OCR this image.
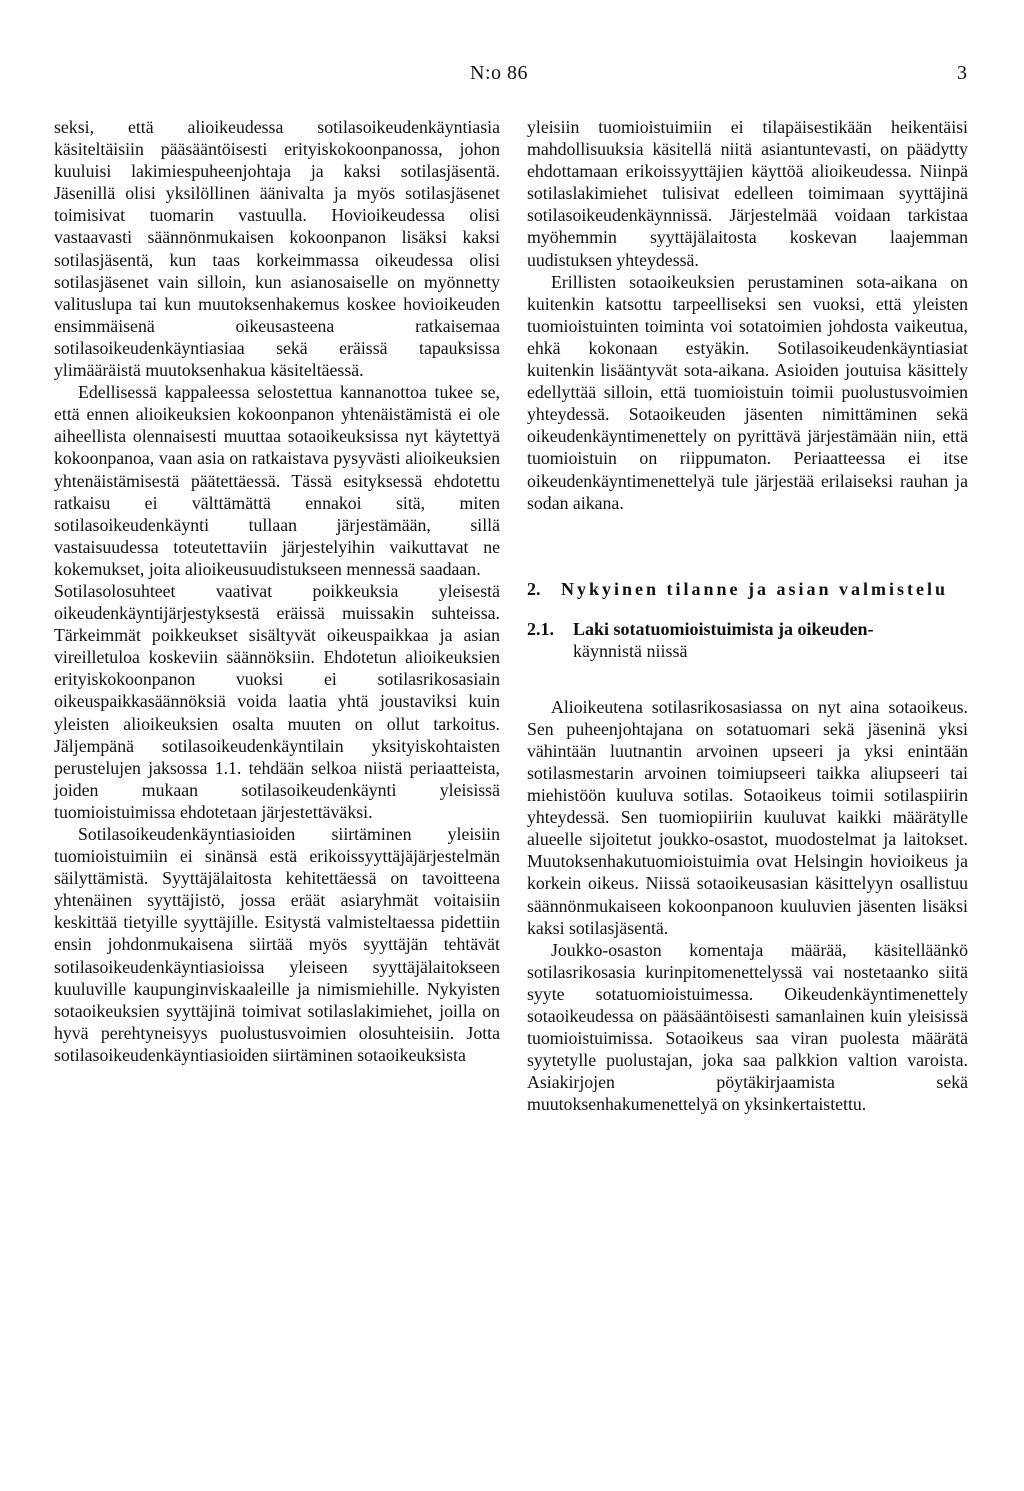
N:o 86	3

seksi, että alioikeudessa sotilasoikeudenkäyntiasia käsiteltäisiin pääsääntöisesti erityiskokoonpanossa, johon kuuluisi lakimiespuheenjohtaja ja kaksi sotilasjäsentä. Jäsenillä olisi yksilöllinen äänivalta ja myös sotilasjäsenet toimisivat tuomarin vastuulla. Hovioikeudessa olisi vastaavasti säännönmukaisen kokoonpanon lisäksi kaksi sotilasjäsentä, kun taas korkeimmassa oikeudessa olisi sotilasjäsenet vain silloin, kun asianosaiselle on myönnetty valituslupa tai kun muutoksenhakemus koskee hovioikeuden ensimmäisenä oikeusasteena ratkaisemaa sotilasoikeudenkäyntiasiaa sekä eräissä tapauksissa ylimääräistä muutoksenhakua käsiteltäessä.

Edellisessä kappaleessa selostettua kannanottoa tukee se, että ennen alioikeuksien kokoonpanon yhtenäistämistä ei ole aiheellista olennaisesti muuttaa sotaoikeuksissa nyt käytettyä kokoonpanoa, vaan asia on ratkaistava pysyvästi alioikeuksien yhtenäistämisestä päätettäessä. Tässä esityksessä ehdotettu ratkaisu ei välttämättä ennakoi sitä, miten sotilasoikeudenkäynti tullaan järjestämään, sillä vastaisuudessa toteutettaviin järjestelyihin vaikuttavat ne kokemukset, joita alioikeusuudistukseen mennessä saadaan.

Sotilasolosuhteet vaativat poikkeuksia yleisestä oikeudenkäyntijärjestyksestä eräissä muissakin suhteissa. Tärkeimmät poikkeukset sisältyvät oikeuspaikkaa ja asian vireilletuloa koskeviin säännöksiin. Ehdotetun alioikeuksien erityiskokoonpanon vuoksi ei sotilasrikosasiain oikeuspaikkasäännöksiä voida laatia yhtä joustaviksi kuin yleisten alioikeuksien osalta muuten on ollut tarkoitus. Jäljempänä sotilasoikeudenkäyntilain yksityiskohtaisten perustelujen jaksossa 1.1. tehdään selkoa niistä periaatteista, joiden mukaan sotilasoikeudenkäynti yleisissä tuomioistuimissa ehdotetaan järjestettäväksi.

Sotilasoikeudenkäyntiasioiden siirtäminen yleisiin tuomioistuimiin ei sinänsä estä erikoissyyttäjäjärjestelmän säilyttämistä. Syyttäjälaitosta kehitettäessä on tavoitteena yhtenäinen syyttäjistö, jossa eräät asiaryhmät voitaisiin keskittää tietyille syyttäjille. Esitystä valmisteltaessa pidettiin ensin johdonmukaisena siirtää myös syyttäjän tehtävät sotilasoikeudenkäyntiasioissa yleiseen syyttäjälaitokseen kuuluville kaupunginviskaaleille ja nimismiehille. Nykyisten sotaoikeuksien syyttäjinä toimivat sotilaslakimiehet, joilla on hyvä perehtyneisyys puolustusvoimien olosuhteisiin. Jotta sotilasoikeudenkäyntiasioiden siirtäminen sotaoikeuksista

yleisiin tuomioistuimiin ei tilapäisestikään heikentäisi mahdollisuuksia käsitellä niitä asiantuntevasti, on päädytty ehdottamaan erikoissyyttäjien käyttöä alioikeudessa. Niinpä sotilaslakimiehet tulisivat edelleen toimimaan syyttäjinä sotilasoikeudenkäynnissä. Järjestelmää voidaan tarkistaa myöhemmin syyttäjälaitosta koskevan laajemman uudistuksen yhteydessä.

Erillisten sotaoikeuksien perustaminen sota-aikana on kuitenkin katsottu tarpeelliseksi sen vuoksi, että yleisten tuomioistuinten toiminta voi sotatoimien johdosta vaikeutua, ehkä kokonaan estyäkin. Sotilasoikeudenkäyntiasiat kuitenkin lisääntyvät sota-aikana. Asioiden joutuisa käsittely edellyttää silloin, että tuomioistuin toimii puolustusvoimien yhteydessä. Sotaoikeuden jäsenten nimittäminen sekä oikeudenkäyntimenettely on pyrittävä järjestämään niin, että tuomioistuin on riippumaton. Periaatteessa ei itse oikeudenkäyntimenettelyä tule järjestää erilaiseksi rauhan ja sodan aikana.

2.	Nykyinen tilanne ja asian valmistelu
2.1.	Laki sotatuomioistuimista ja oikeuden-
käynnistä niissä

Alioikeutena sotilasrikosasiassa on nyt aina sotaoikeus. Sen puheenjohtajana on sotatuomari sekä jäseninä yksi vähintään luutnantin arvoinen upseeri ja yksi enintään sotilasmestarin arvoinen toimiupseeri taikka aliupseeri tai miehistöön kuuluva sotilas. Sotaoikeus toimii sotilaspiirin yhteydessä. Sen tuomiopiiriin kuuluvat kaikki määrätylle alueelle sijoitetut joukko-osastot, muodostelmat ja laitokset. Muutoksenhakutuomioistuimia ovat Helsingin hovioikeus ja korkein oikeus. Niissä sotaoikeusasian käsittelyyn osallistuu säännönmukaiseen kokoonpanoon kuuluvien jäsenten lisäksi kaksi sotilasjäsentä.

Joukko-osaston komentaja määrää, käsitelläänkö sotilasrikosasia kurinpitomenettelyssä vai nostetaanko siitä syyte sotatuomioistuimessa. Oikeudenkäyntimenettely sotaoikeudessa on pääsääntöisesti samanlainen kuin yleisissä tuomioistuimissa. Sotaoikeus saa viran puolesta määrätä syytetylle puolustajan, joka saa palkkion valtion varoista. Asiakirjojen pöytäkirjaamista sekä muutoksenhakumenettelyä on yksinkertaistettu.
